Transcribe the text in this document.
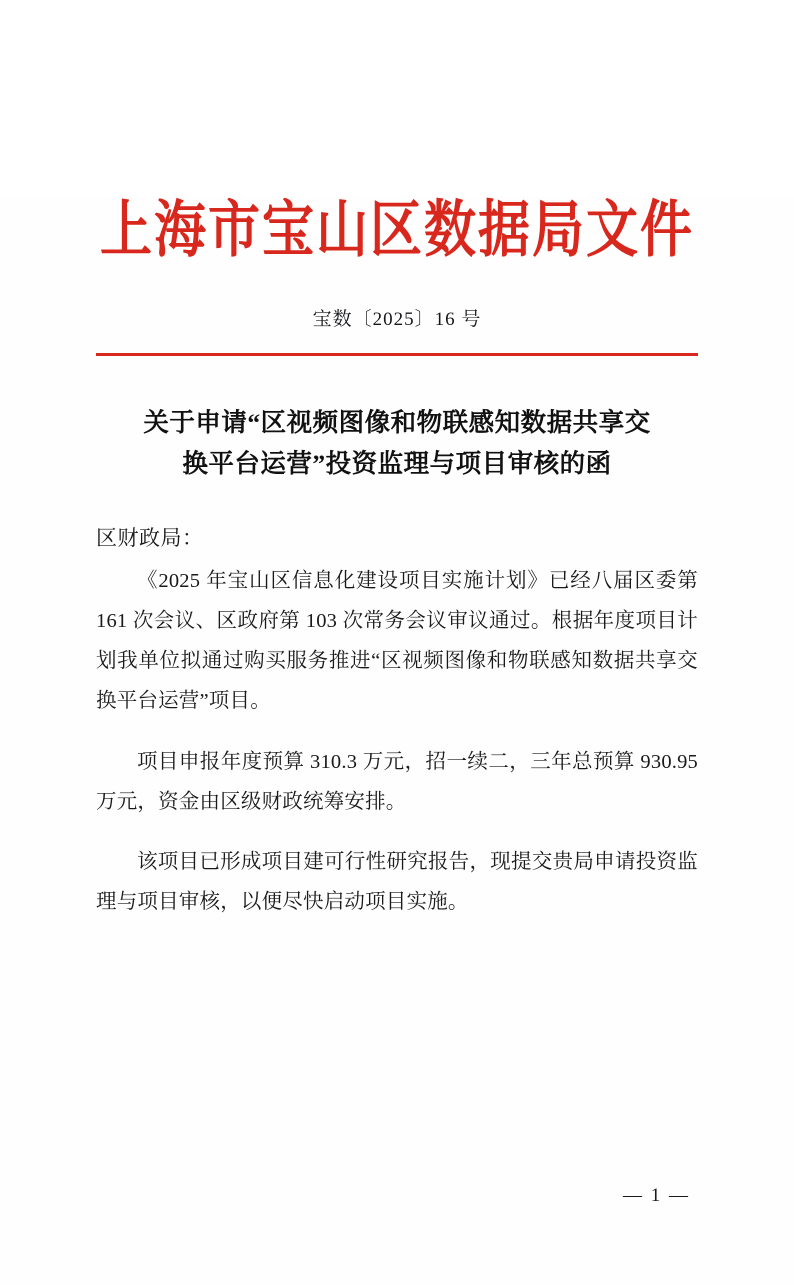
上海市宝山区数据局文件
宝数〔2025〕16 号
关于申请“区视频图像和物联感知数据共享交
换平台运营”投资监理与项目审核的函
区财政局：

《2025 年宝山区信息化建设项目实施计划》已经八届区委第 161 次会议、区政府第 103 次常务会议审议通过。根据年度项目计划我单位拟通过购买服务推进“区视频图像和物联感知数据共享交换平台运营”项目。

项目申报年度预算 310.3 万元，招一续二，三年总预算 930.95 万元，资金由区级财政统筹安排。

该项目已形成项目建可行性研究报告，现提交贵局申请投资监理与项目审核，以便尽快启动项目实施。

— 1 —
